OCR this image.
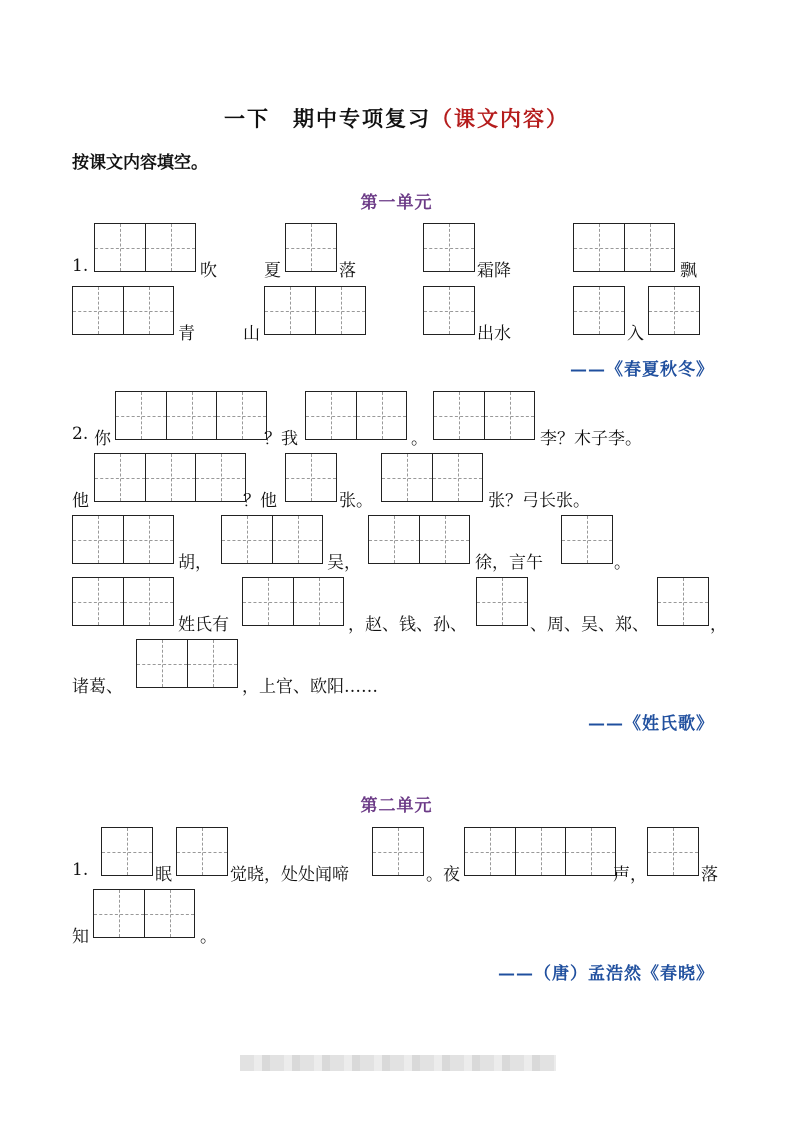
一下　期中专项复习（课文内容）
按课文内容填空。
第一单元
1.	吹	夏	落	霜降	飘
青	山	出水	入
——《春夏秋冬》
2. 你	？我	。	李？木子李。
他	？他	张。	张？弓长张。
胡，	吴，	徐，言午	。
姓氏有	，赵、钱、孙、	、周、吴、郑、	，
诸葛、	，上官、欧阳……
——《姓氏歌》
第二单元
1.	眠	觉晓，处处闻啼	。夜	声，	落
知	。
——（唐）孟浩然《春晓》
